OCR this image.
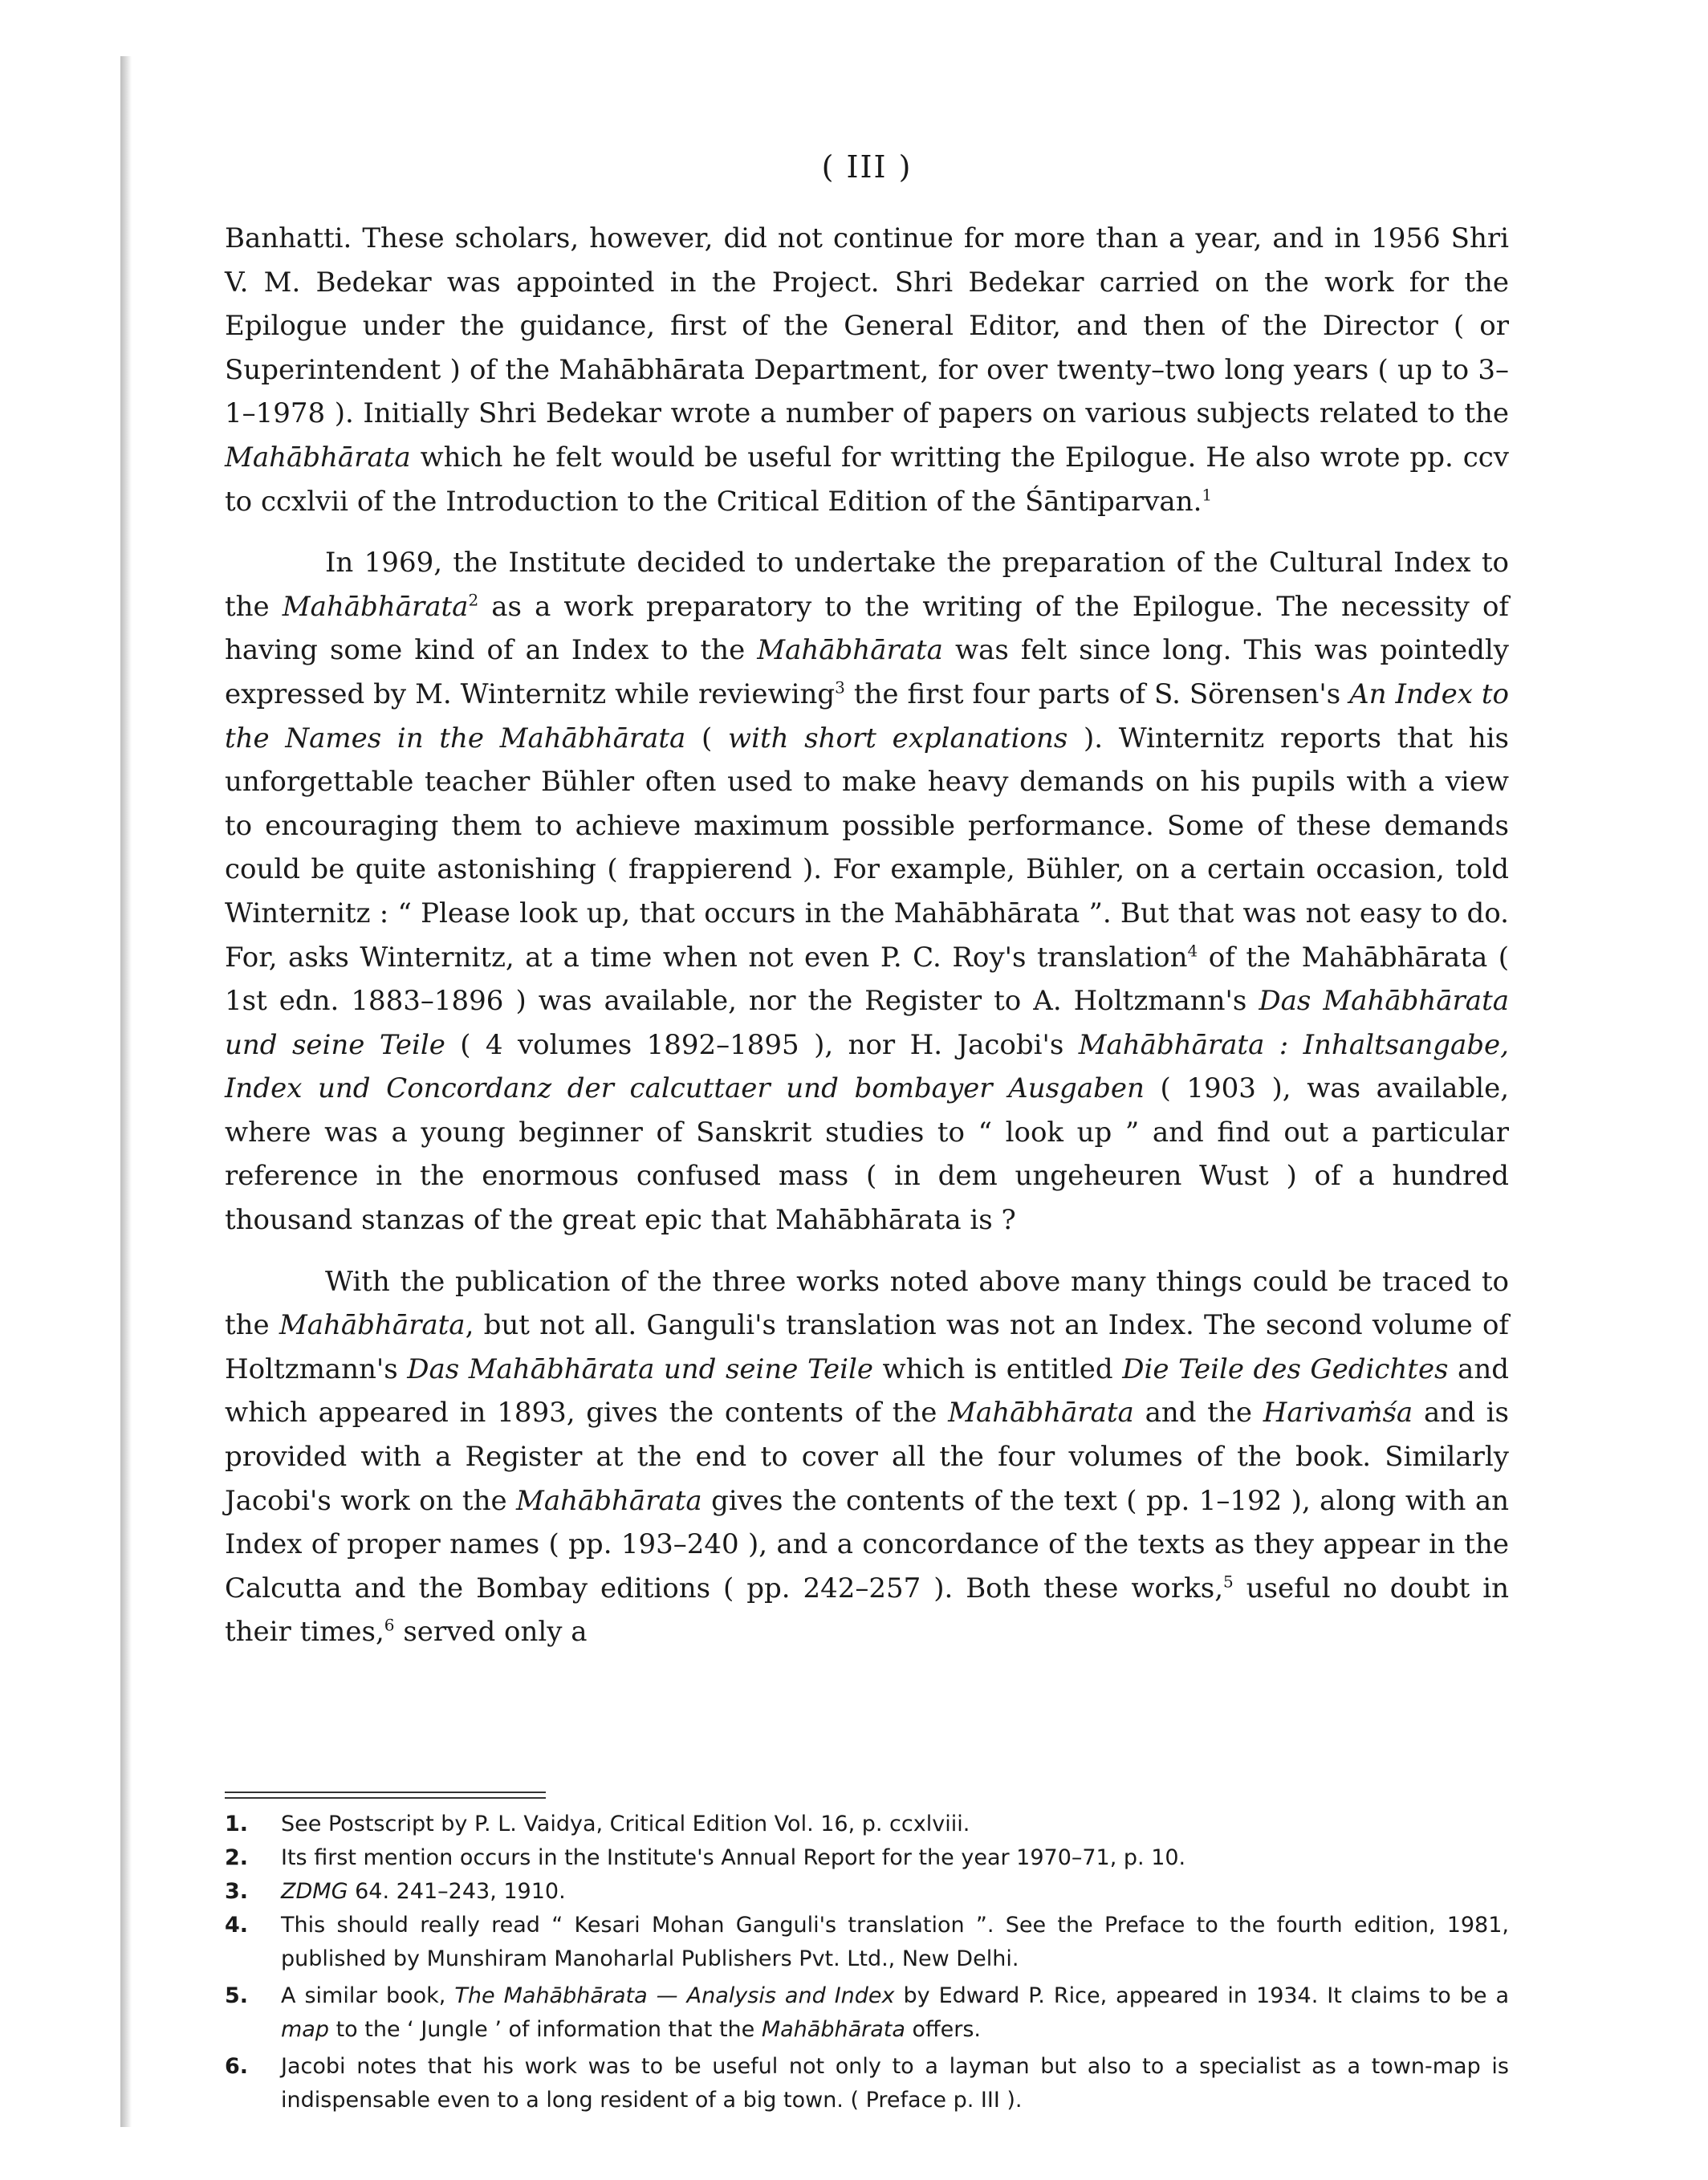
( III )

Banhatti. These scholars, however, did not continue for more than a year, and in 1956 Shri V. M. Bedekar was appointed in the Project. Shri Bedekar carried on the work for the Epilogue under the guidance, first of the General Editor, and then of the Director ( or Superintendent ) of the Mahābhārata Department, for over twenty–two long years ( up to 3–1–1978 ). Initially Shri Bedekar wrote a number of papers on various subjects related to the Mahābhārata which he felt would be useful for writting the Epilogue. He also wrote pp. ccv to ccxlvii of the Introduction to the Critical Edition of the Śāntiparvan.$^1$

In 1969, the Institute decided to undertake the preparation of the Cultural Index to the Mahābhārata$^2$ as a work preparatory to the writing of the Epilogue. The necessity of having some kind of an Index to the Mahābhārata was felt since long. This was pointedly expressed by M. Winternitz while reviewing$^3$ the first four parts of S. Sörensen's An Index to the Names in the Mahābhārata ( with short explanations ). Winternitz reports that his unforgettable teacher Bühler often used to make heavy demands on his pupils with a view to encouraging them to achieve maximum possible performance. Some of these demands could be quite astonishing ( frappierend ). For example, Bühler, on a certain occasion, told Winternitz : “ Please look up, that occurs in the Mahābhārata ”. But that was not easy to do. For, asks Winternitz, at a time when not even P. C. Roy's translation$^4$ of the Mahābhārata ( 1st edn. 1883–1896 ) was available, nor the Register to A. Holtzmann's Das Mahābhārata und seine Teile ( 4 volumes 1892–1895 ), nor H. Jacobi's Mahābhārata : Inhaltsangabe, Index und Concordanz der calcuttaer und bombayer Ausgaben ( 1903 ), was available, where was a young beginner of Sanskrit studies to “ look up ” and find out a particular reference in the enormous confused mass ( in dem ungeheuren Wust ) of a hundred thousand stanzas of the great epic that Mahābhārata is ?

With the publication of the three works noted above many things could be traced to the Mahābhārata, but not all. Ganguli's translation was not an Index. The second volume of Holtzmann's Das Mahābhārata und seine Teile which is entitled Die Teile des Gedichtes and which appeared in 1893, gives the contents of the Mahābhārata and the Harivaṁśa and is provided with a Register at the end to cover all the four volumes of the book. Similarly Jacobi's work on the Mahābhārata gives the contents of the text ( pp. 1–192 ), along with an Index of proper names ( pp. 193–240 ), and a concordance of the texts as they appear in the Calcutta and the Bombay editions ( pp. 242–257 ). Both these works,$^5$ useful no doubt in their times,$^6$ served only a

1.	See Postscript by P. L. Vaidya, Critical Edition Vol. 16, p. ccxlviii.
2.	Its first mention occurs in the Institute's Annual Report for the year 1970–71, p. 10.
3.	ZDMG 64. 241–243, 1910.
4.	This should really read “ Kesari Mohan Ganguli's translation ”. See the Preface to the fourth edition, 1981, published by Munshiram Manoharlal Publishers Pvt. Ltd., New Delhi.
5.	A similar book, The Mahābhārata — Analysis and Index by Edward P. Rice, appeared in 1934. It claims to be a map to the ‘ Jungle ’ of information that the Mahābhārata offers.
6.	Jacobi notes that his work was to be useful not only to a layman but also to a specialist as a town-map is indispensable even to a long resident of a big town. ( Preface p. III ).
